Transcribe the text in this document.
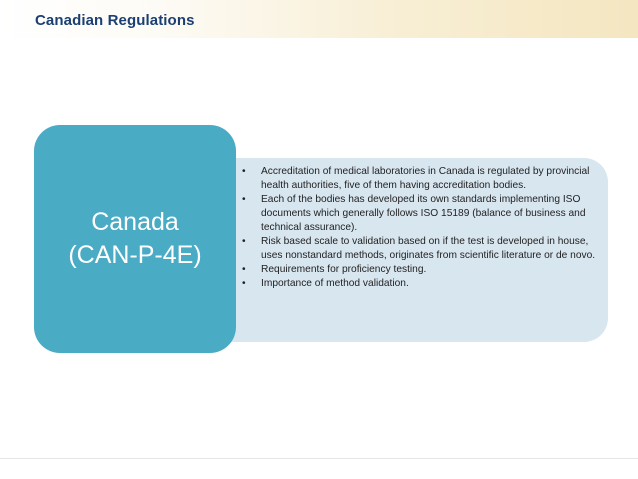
Canadian Regulations
• Accreditation of medical laboratories in Canada is regulated by provincial health authorities, five of them having accreditation bodies.
• Each of the bodies has developed its own standards implementing ISO documents which generally follows ISO 15189 (balance of business and technical assurance).
• Risk based scale to validation based on if the test is developed in house, uses nonstandard methods, originates from scientific literature or de novo.
• Requirements for proficiency testing.
• Importance of method validation.
Canada
(CAN-P-4E)
